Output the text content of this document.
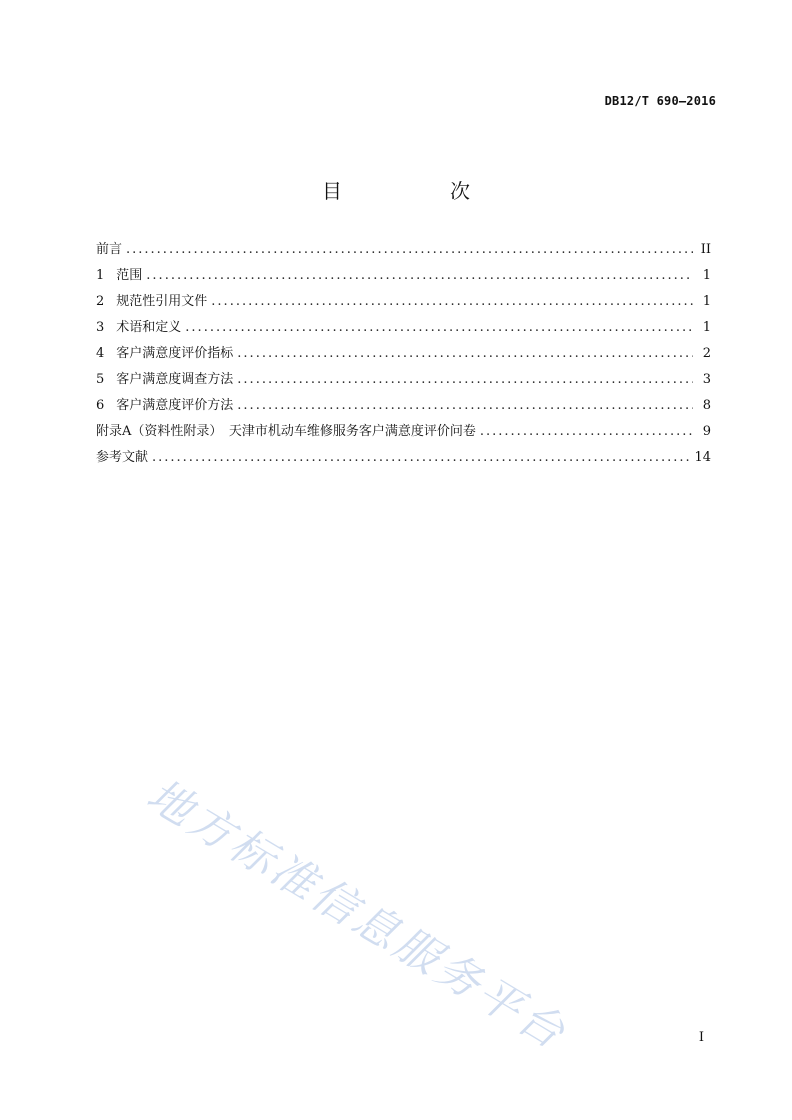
DB12/T 690—2016
目　次
前言 .....	II
1 范围 .....	1
2 规范性引用文件 .....	1
3 术语和定义 .....	1
4 客户满意度评价指标 .....	2
5 客户满意度调查方法 .....	3
6 客户满意度评价方法 .....	8
附录A（资料性附录）　天津市机动车维修服务客户满意度评价问卷 .....	9
参考文献 .....	14
地方标准信息服务平台	I
